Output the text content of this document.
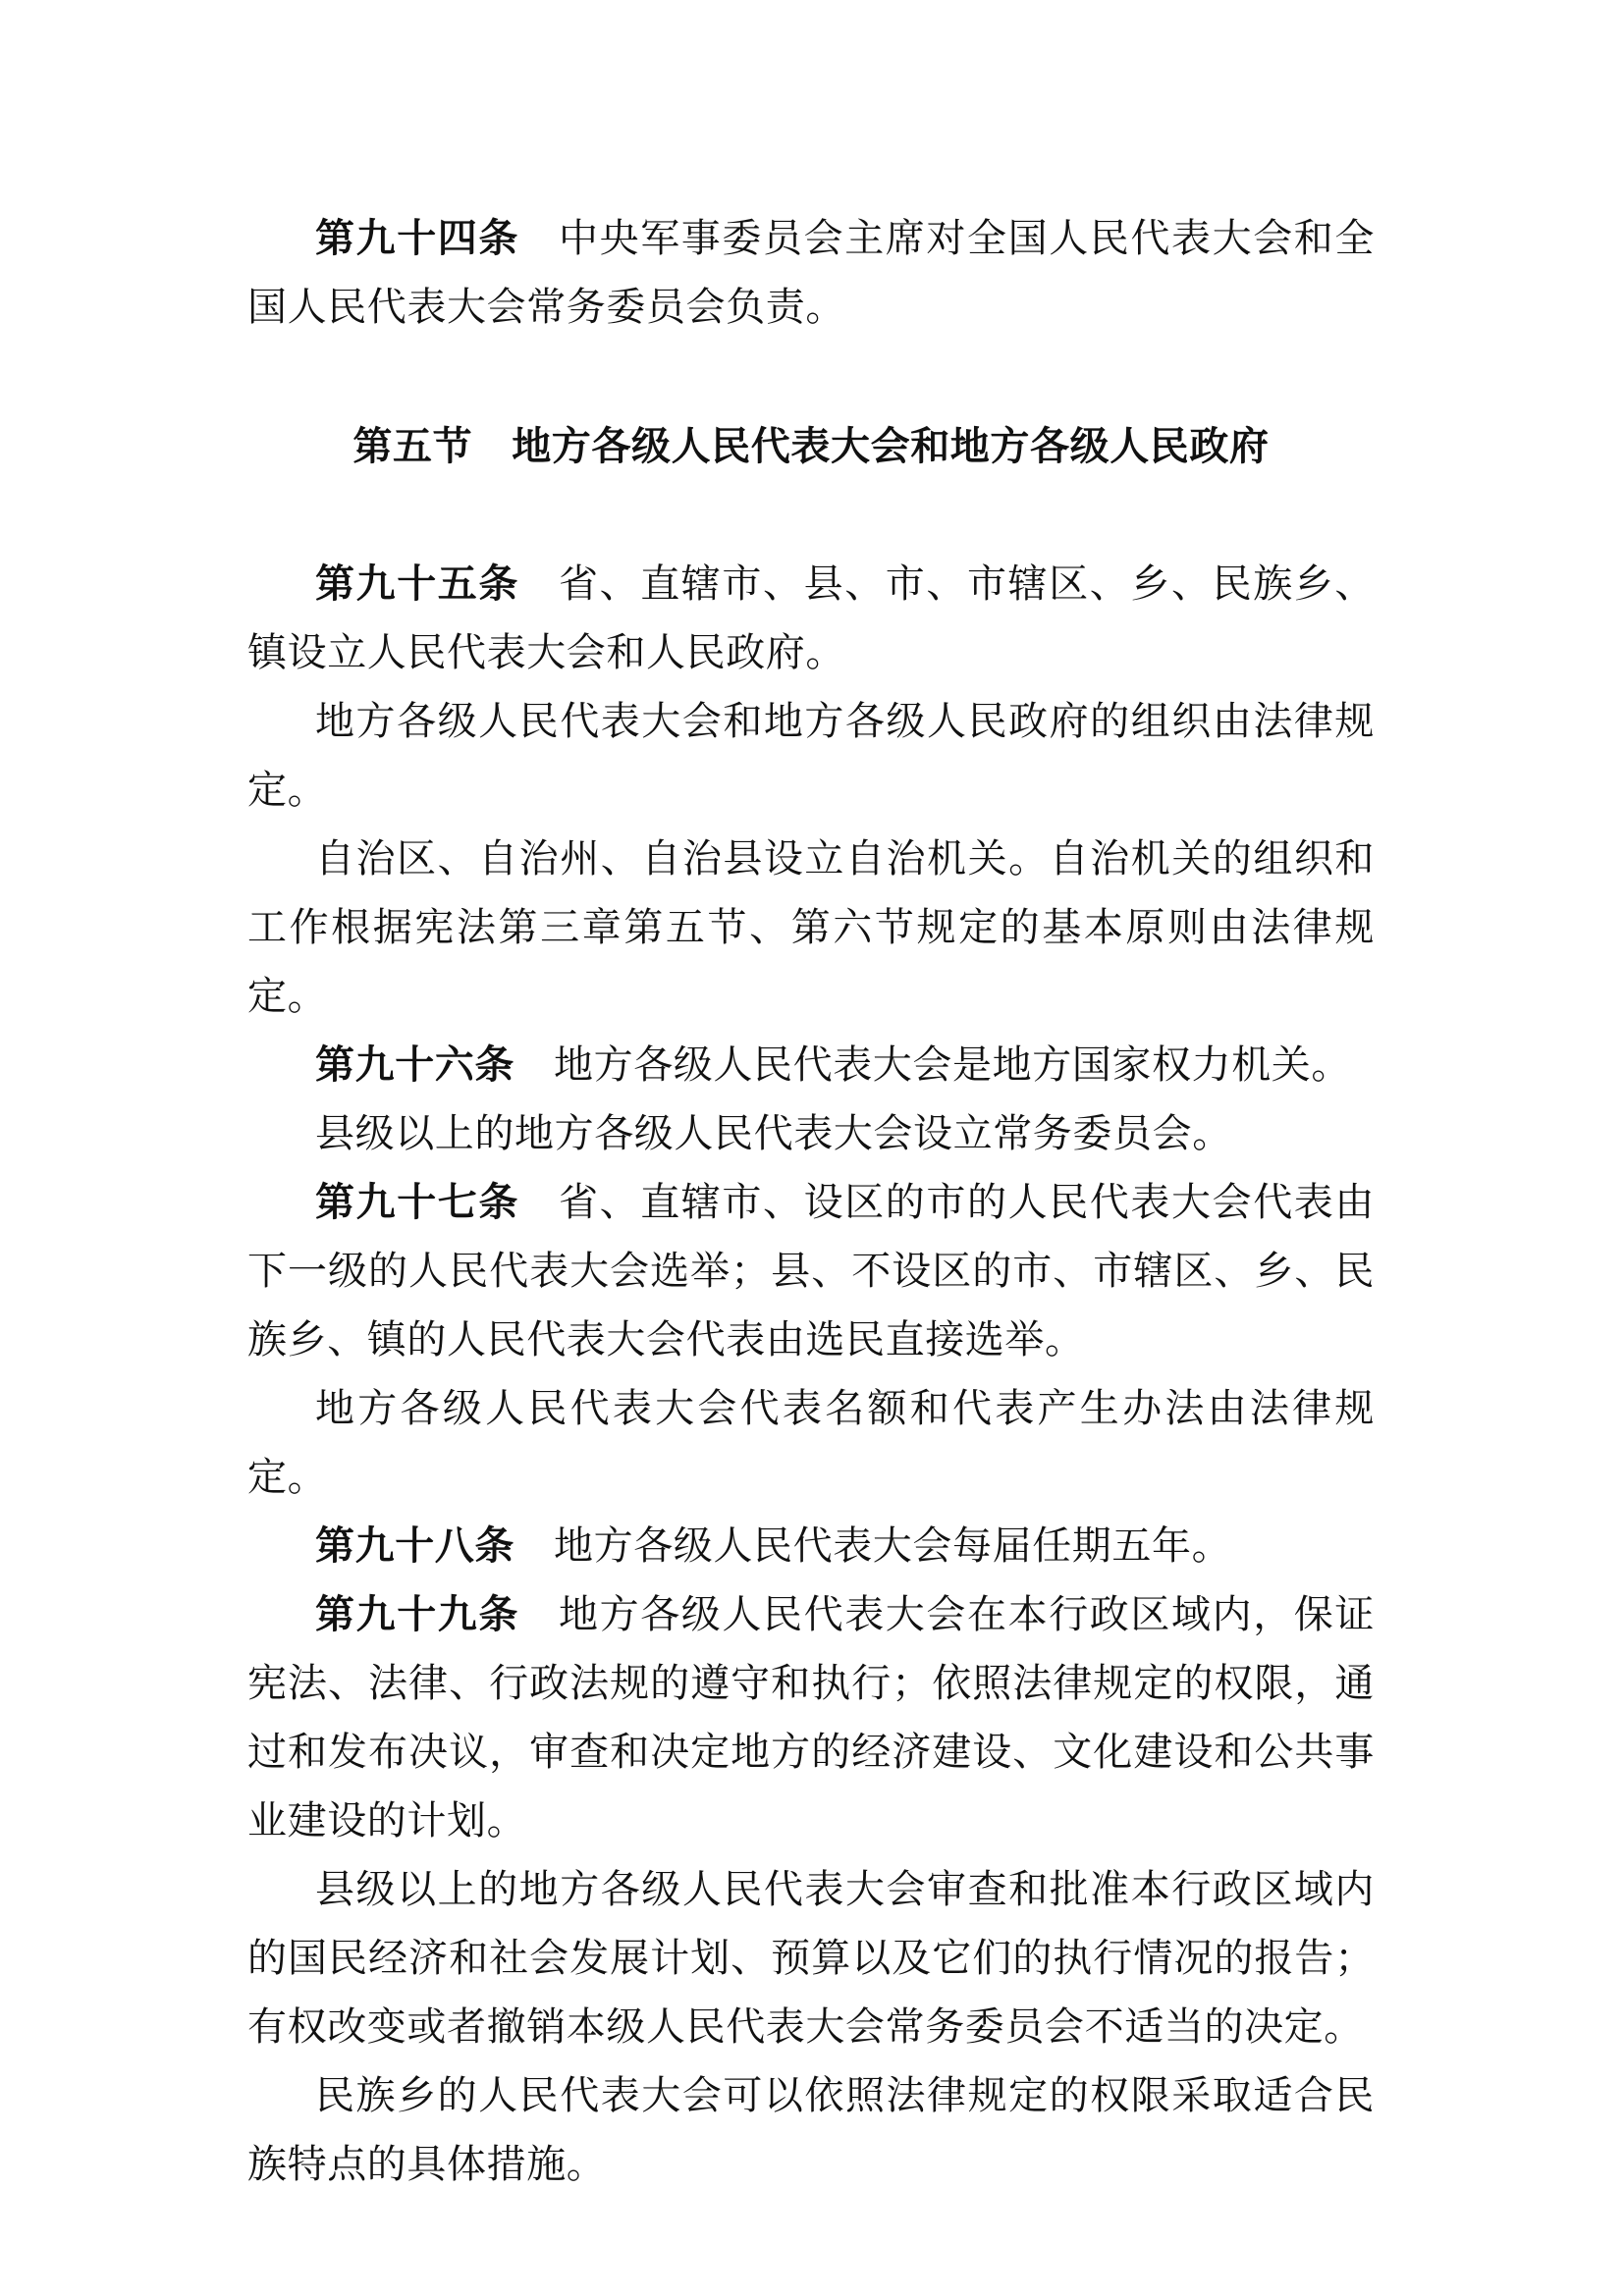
第九十四条 中央军事委员会主席对全国人民代表大会和全国人民代表大会常务委员会负责。

第五节 地方各级人民代表大会和地方各级人民政府

第九十五条 省、直辖市、县、市、市辖区、乡、民族乡、镇设立人民代表大会和人民政府。

地方各级人民代表大会和地方各级人民政府的组织由法律规定。

自治区、自治州、自治县设立自治机关。自治机关的组织和工作根据宪法第三章第五节、第六节规定的基本原则由法律规定。

第九十六条 地方各级人民代表大会是地方国家权力机关。

县级以上的地方各级人民代表大会设立常务委员会。

第九十七条 省、直辖市、设区的市的人民代表大会代表由下一级的人民代表大会选举；县、不设区的市、市辖区、乡、民族乡、镇的人民代表大会代表由选民直接选举。

地方各级人民代表大会代表名额和代表产生办法由法律规定。

第九十八条 地方各级人民代表大会每届任期五年。

第九十九条 地方各级人民代表大会在本行政区域内，保证宪法、法律、行政法规的遵守和执行；依照法律规定的权限，通过和发布决议，审查和决定地方的经济建设、文化建设和公共事业建设的计划。

县级以上的地方各级人民代表大会审查和批准本行政区域内的国民经济和社会发展计划、预算以及它们的执行情况的报告；有权改变或者撤销本级人民代表大会常务委员会不适当的决定。

民族乡的人民代表大会可以依照法律规定的权限采取适合民族特点的具体措施。
